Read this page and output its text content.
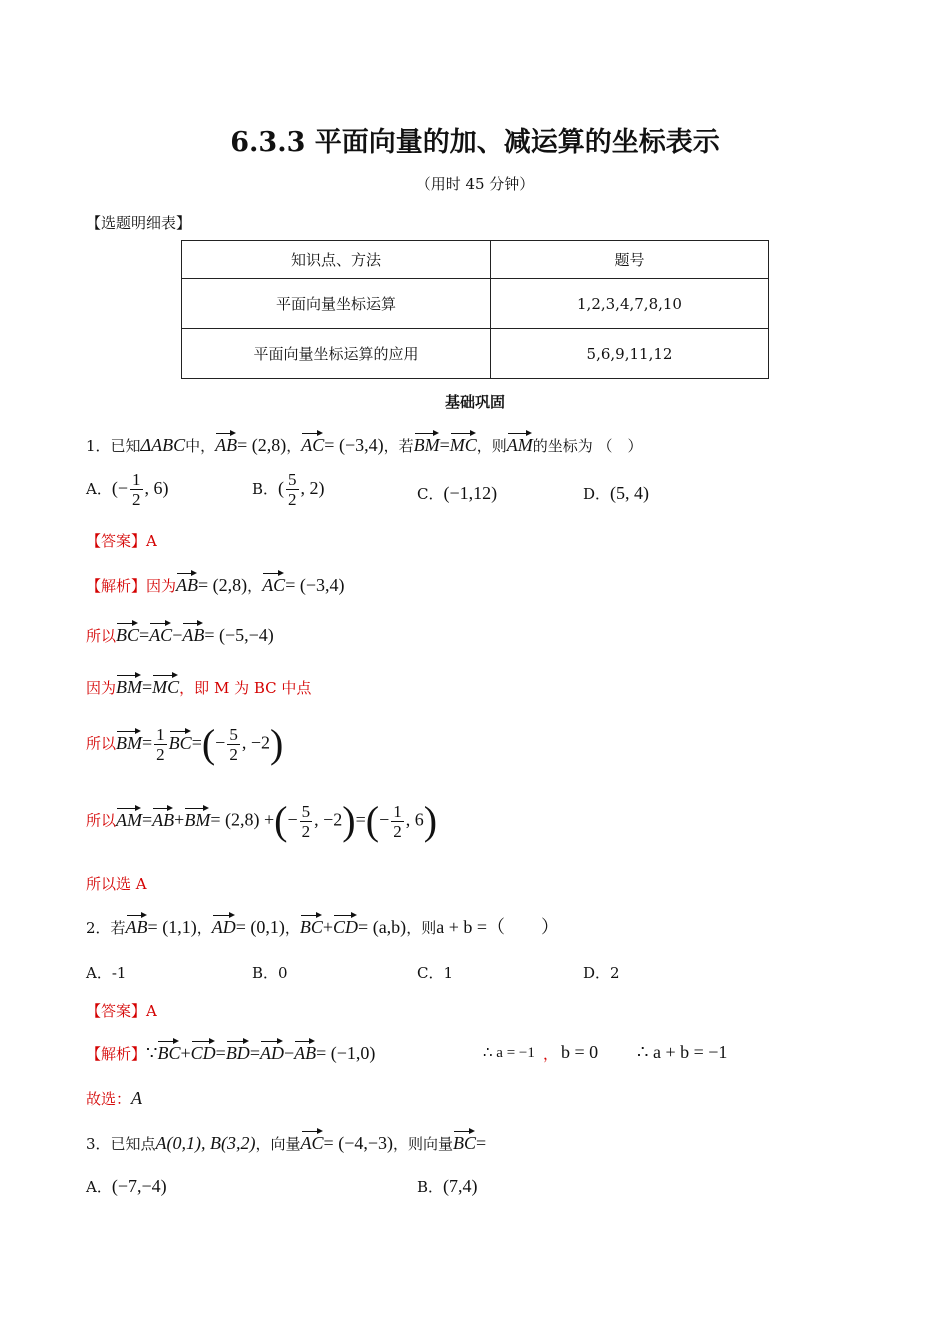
6.3.3 平面向量的加、减运算的坐标表示
（用时 45 分钟）
【选题明细表】
知识点、方法	题号
平面向量坐标运算	1,2,3,4,7,8,10
平面向量坐标运算的应用	5,6,9,11,12
基础巩固
1．已知ΔABC中，AB= (2,8)，AC= (−3,4)，若BM=MC，则AM的坐标为 （　）
A．(− $\frac{1}{2}$ , 6)	B．( $\frac{5}{2}$ , 2)	C．(−1,12)	D．(5, 4)
【答案】A
【解析】因为AB= (2,8)，AC= (−3,4)
所以BC=AC−AB= (−5,−4)
因为BM=MC，即 M 为 BC 中点
所以$BM= \frac{1}{2} BC=(- \frac{5}{2}$ , −2)
所以AM=AB+BM= (2,8) +(− $\frac{5}{2}$ , $-2)=(- \frac{1}{2}$ , 6)
所以选 A
2．若AB= (1,1)，AD= (0,1)，BC+CD= (a,b)，则a + b =（　　）
A．-1	B．0	C．1	D．2
【答案】A
【解析】∵BC+CD=BD=AD−AB= (−1,0)	∴ a = −1 ， b = 0 ∴ a + b = −1
故选：A
3．已知点A(0,1), B(3,2)，向量AC= (−4,−3)，则向量BC=
A．(−7,−4)	B．(7,4)
